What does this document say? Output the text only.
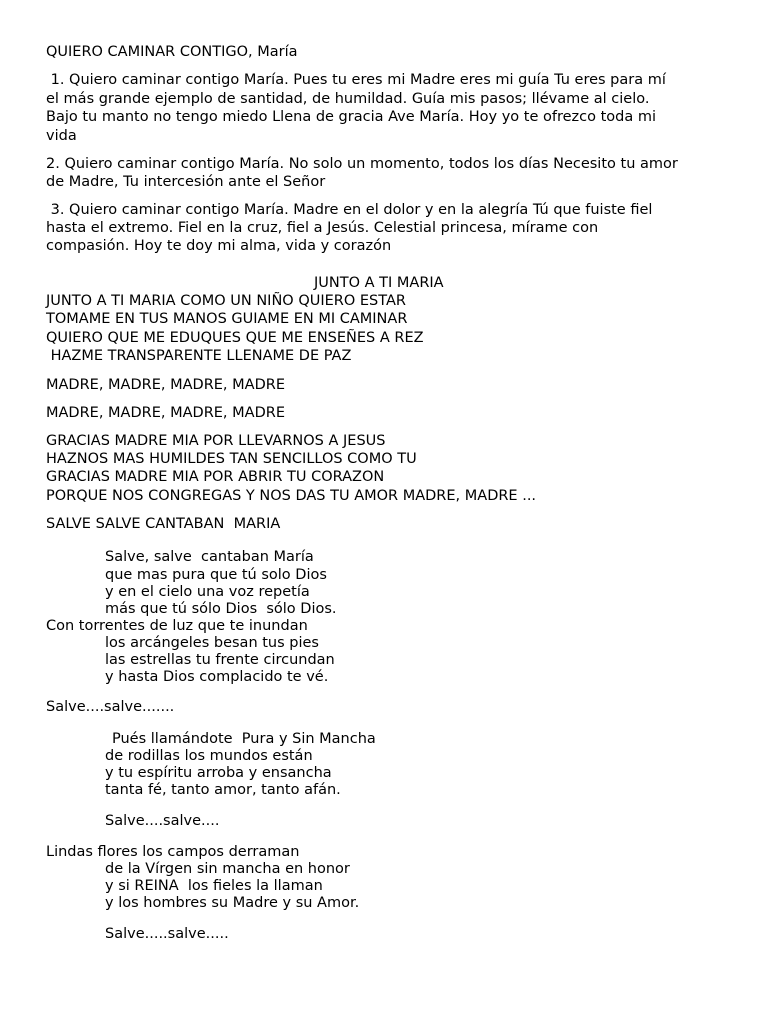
QUIERO CAMINAR CONTIGO, María
1. Quiero caminar contigo María. Pues tu eres mi Madre eres mi guía Tu eres para mí
el más grande ejemplo de santidad, de humildad. Guía mis pasos; llévame al cielo.
Bajo tu manto no tengo miedo Llena de gracia Ave María. Hoy yo te ofrezco toda mi
vida
2. Quiero caminar contigo María. No solo un momento, todos los días Necesito tu amor
de Madre, Tu intercesión ante el Señor
3. Quiero caminar contigo María. Madre en el dolor y en la alegría Tú que fuiste fiel
hasta el extremo. Fiel en la cruz, fiel a Jesús. Celestial princesa, mírame con
compasión. Hoy te doy mi alma, vida y corazón
JUNTO A TI MARIA
JUNTO A TI MARIA COMO UN NIÑO QUIERO ESTAR
TOMAME EN TUS MANOS GUIAME EN MI CAMINAR
QUIERO QUE ME EDUQUES QUE ME ENSEÑES A REZ
HAZME TRANSPARENTE LLENAME DE PAZ
MADRE, MADRE, MADRE, MADRE
MADRE, MADRE, MADRE, MADRE
GRACIAS MADRE MIA POR LLEVARNOS A JESUS
HAZNOS MAS HUMILDES TAN SENCILLOS COMO TU
GRACIAS MADRE MIA POR ABRIR TU CORAZON
PORQUE NOS CONGREGAS Y NOS DAS TU AMOR MADRE, MADRE ...
SALVE SALVE CANTABAN  MARIA
Salve, salve  cantaban María
que mas pura que tú solo Dios
y en el cielo una voz repetía
más que tú sólo Dios  sólo Dios.
Con torrentes de luz que te inundan
los arcángeles besan tus pies
las estrellas tu frente circundan
y hasta Dios complacido te vé.
Salve....salve.......
Pués llamándote  Pura y Sin Mancha
de rodillas los mundos están
y tu espíritu arroba y ensancha
tanta fé, tanto amor, tanto afán.
Salve....salve....
Lindas flores los campos derraman
de la Vírgen sin mancha en honor
y si REINA  los fieles la llaman
y los hombres su Madre y su Amor.
Salve.....salve.....
